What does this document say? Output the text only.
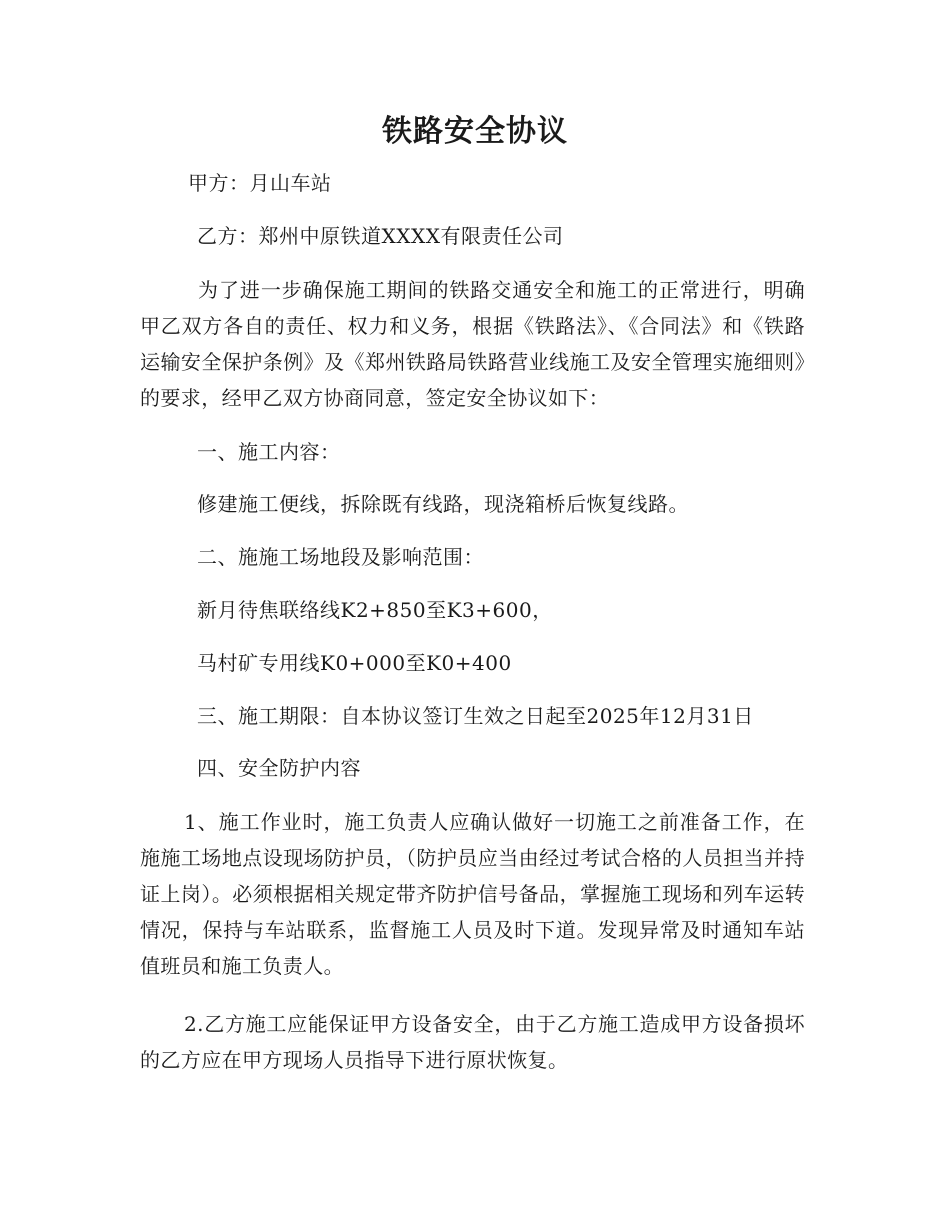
铁路安全协议
甲方：月山车站
乙方：郑州中原铁道XXXX有限责任公司
为了进一步确保施工期间的铁路交通安全和施工的正常进行，明确甲乙双方各自的责任、权力和义务，根据《铁路法》、《合同法》和《铁路运输安全保护条例》及《郑州铁路局铁路营业线施工及安全管理实施细则》的要求，经甲乙双方协商同意，签定安全协议如下：
一、施工内容：
修建施工便线，拆除既有线路，现浇箱桥后恢复线路。
二、施施工场地段及影响范围：
新月待焦联络线K2+850至K3+600，
马村矿专用线K0+000至K0+400
三、施工期限：自本协议签订生效之日起至2025年12月31日
四、安全防护内容
1、施工作业时，施工负责人应确认做好一切施工之前准备工作，在施施工场地点设现场防护员，（防护员应当由经过考试合格的人员担当并持证上岗）。必须根据相关规定带齐防护信号备品，掌握施工现场和列车运转情况，保持与车站联系，监督施工人员及时下道。发现异常及时通知车站值班员和施工负责人。
2.乙方施工应能保证甲方设备安全，由于乙方施工造成甲方设备损坏的乙方应在甲方现场人员指导下进行原状恢复。
